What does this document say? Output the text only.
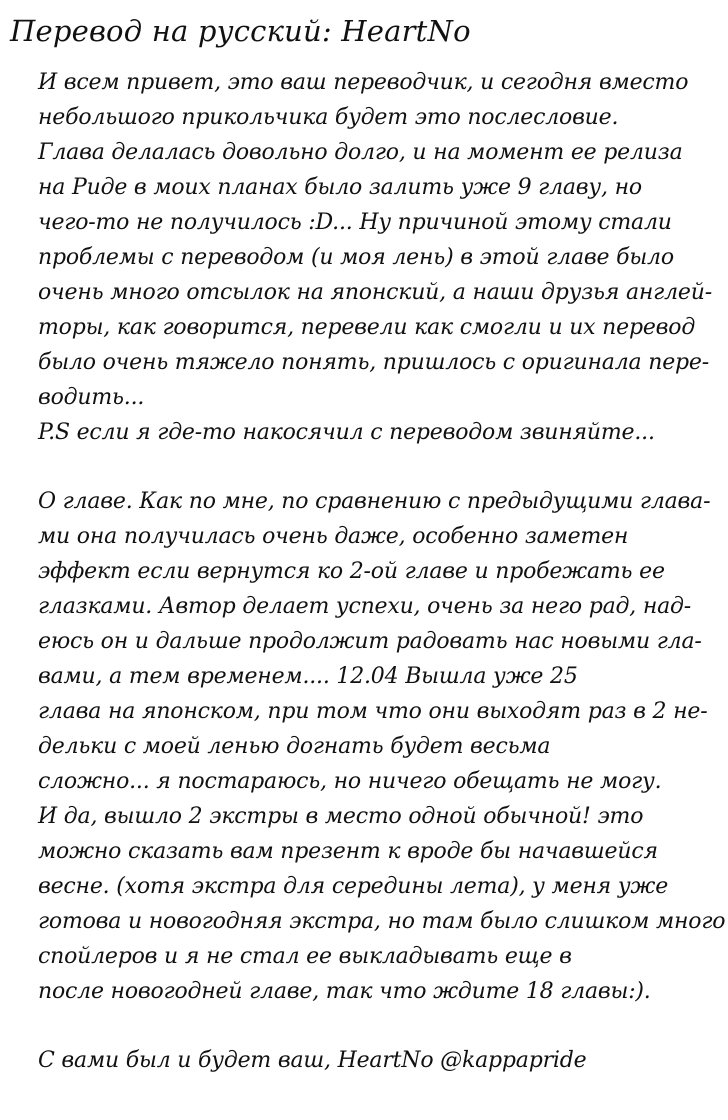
Перевод на русский: HeartNo
И всем привет, это ваш переводчик, и сегодня вместо
небольшого прикольчика будет это послесловие.
Глава делалась довольно долго, и на момент ее релиза
на Риде в моих планах было залить уже 9 главу, но
чего-то не получилось :D... Ну причиной этому стали
проблемы с переводом (и моя лень) в этой главе было
очень много отсылок на японский, а наши друзья англей-
торы, как говорится, перевели как смогли и их перевод
было очень тяжело понять, пришлось с оригинала пере-
водить...
P.S если я где-то накосячил с переводом звиняйте...
О главе. Как по мне, по сравнению с предыдущими глава-
ми она получилась очень даже, особенно заметен
эффект если вернутся ко 2-ой главе и пробежать ее
глазками. Автор делает успехи, очень за него рад, над-
еюсь он и дальше продолжит радовать нас новыми гла-
вами, а тем временем.... 12.04 Вышла уже 25
глава на японском, при том что они выходят раз в 2 не-
дельки с моей ленью догнать будет весьма
сложно... я постараюсь, но ничего обещать не могу.
И да, вышло 2 экстры в место одной обычной! это
можно сказать вам презент к вроде бы начавшейся
весне. (хотя экстра для середины лета), у меня уже
готова и новогодняя экстра, но там было слишком много
спойлеров и я не стал ее выкладывать еще в
после новогодней главе, так что ждите 18 главы:).
С вами был и будет ваш, HeartNo @kappapride
